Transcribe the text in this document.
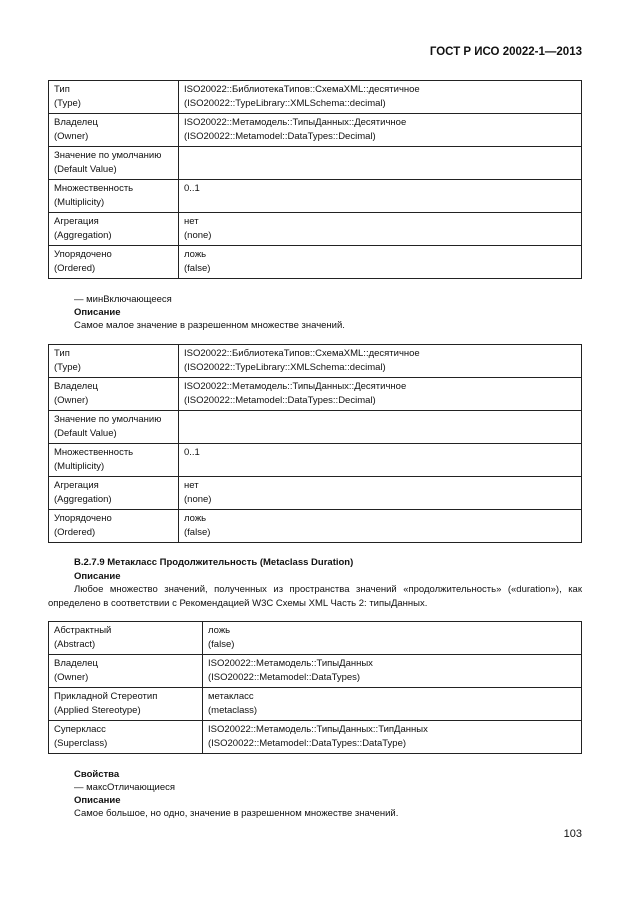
ГОСТ Р ИСО 20022-1—2013
Тип
(Type)	ISO20022::БиблиотекаТипов::СхемаXML::десятичное
(ISO20022::TypeLibrary::XMLSchema::decimal)

Владелец
(Owner)	ISO20022::Метамодель::ТипыДанных::Десятичное
(ISO20022::Metamodel::DataTypes::Decimal)

Значение по умолчанию
(Default Value)	

Множественность
(Multiplicity)	0..1

Агрегация
(Aggregation)	нет
(none)

Упорядочено
(Ordered)	ложь
(false)
— минВключающееся
Описание
Самое малое значение в разрешенном множестве значений.
Тип
(Type)	ISO20022::БиблиотекаТипов::СхемаXML::десятичное
(ISO20022::TypeLibrary::XMLSchema::decimal)

Владелец
(Owner)	ISO20022::Метамодель::ТипыДанных::Десятичное
(ISO20022::Metamodel::DataTypes::Decimal)

Значение по умолчанию
(Default Value)	

Множественность
(Multiplicity)	0..1

Агрегация
(Aggregation)	нет
(none)

Упорядочено
(Ordered)	ложь
(false)
В.2.7.9 Метакласс Продолжительность (Metaclass Duration)
Описание
Любое множество значений, полученных из пространства значений «продолжительность» («duration»), как определено в соответствии с Рекомендацией W3C Схемы XML Часть 2: типыДанных.
Абстрактный
(Abstract)	ложь
(false)

Владелец
(Owner)	ISO20022::Метамодель::ТипыДанных
(ISO20022::Metamodel::DataTypes)

Прикладной Стереотип
(Applied Stereotype)	метакласс
(metaclass)

Суперкласс
(Superclass)	ISO20022::Метамодель::ТипыДанных::ТипДанных
(ISO20022::Metamodel::DataTypes::DataType)
Свойства
— максОтличающиеся
Описание
Самое большое, но одно, значение в разрешенном множестве значений.
103
